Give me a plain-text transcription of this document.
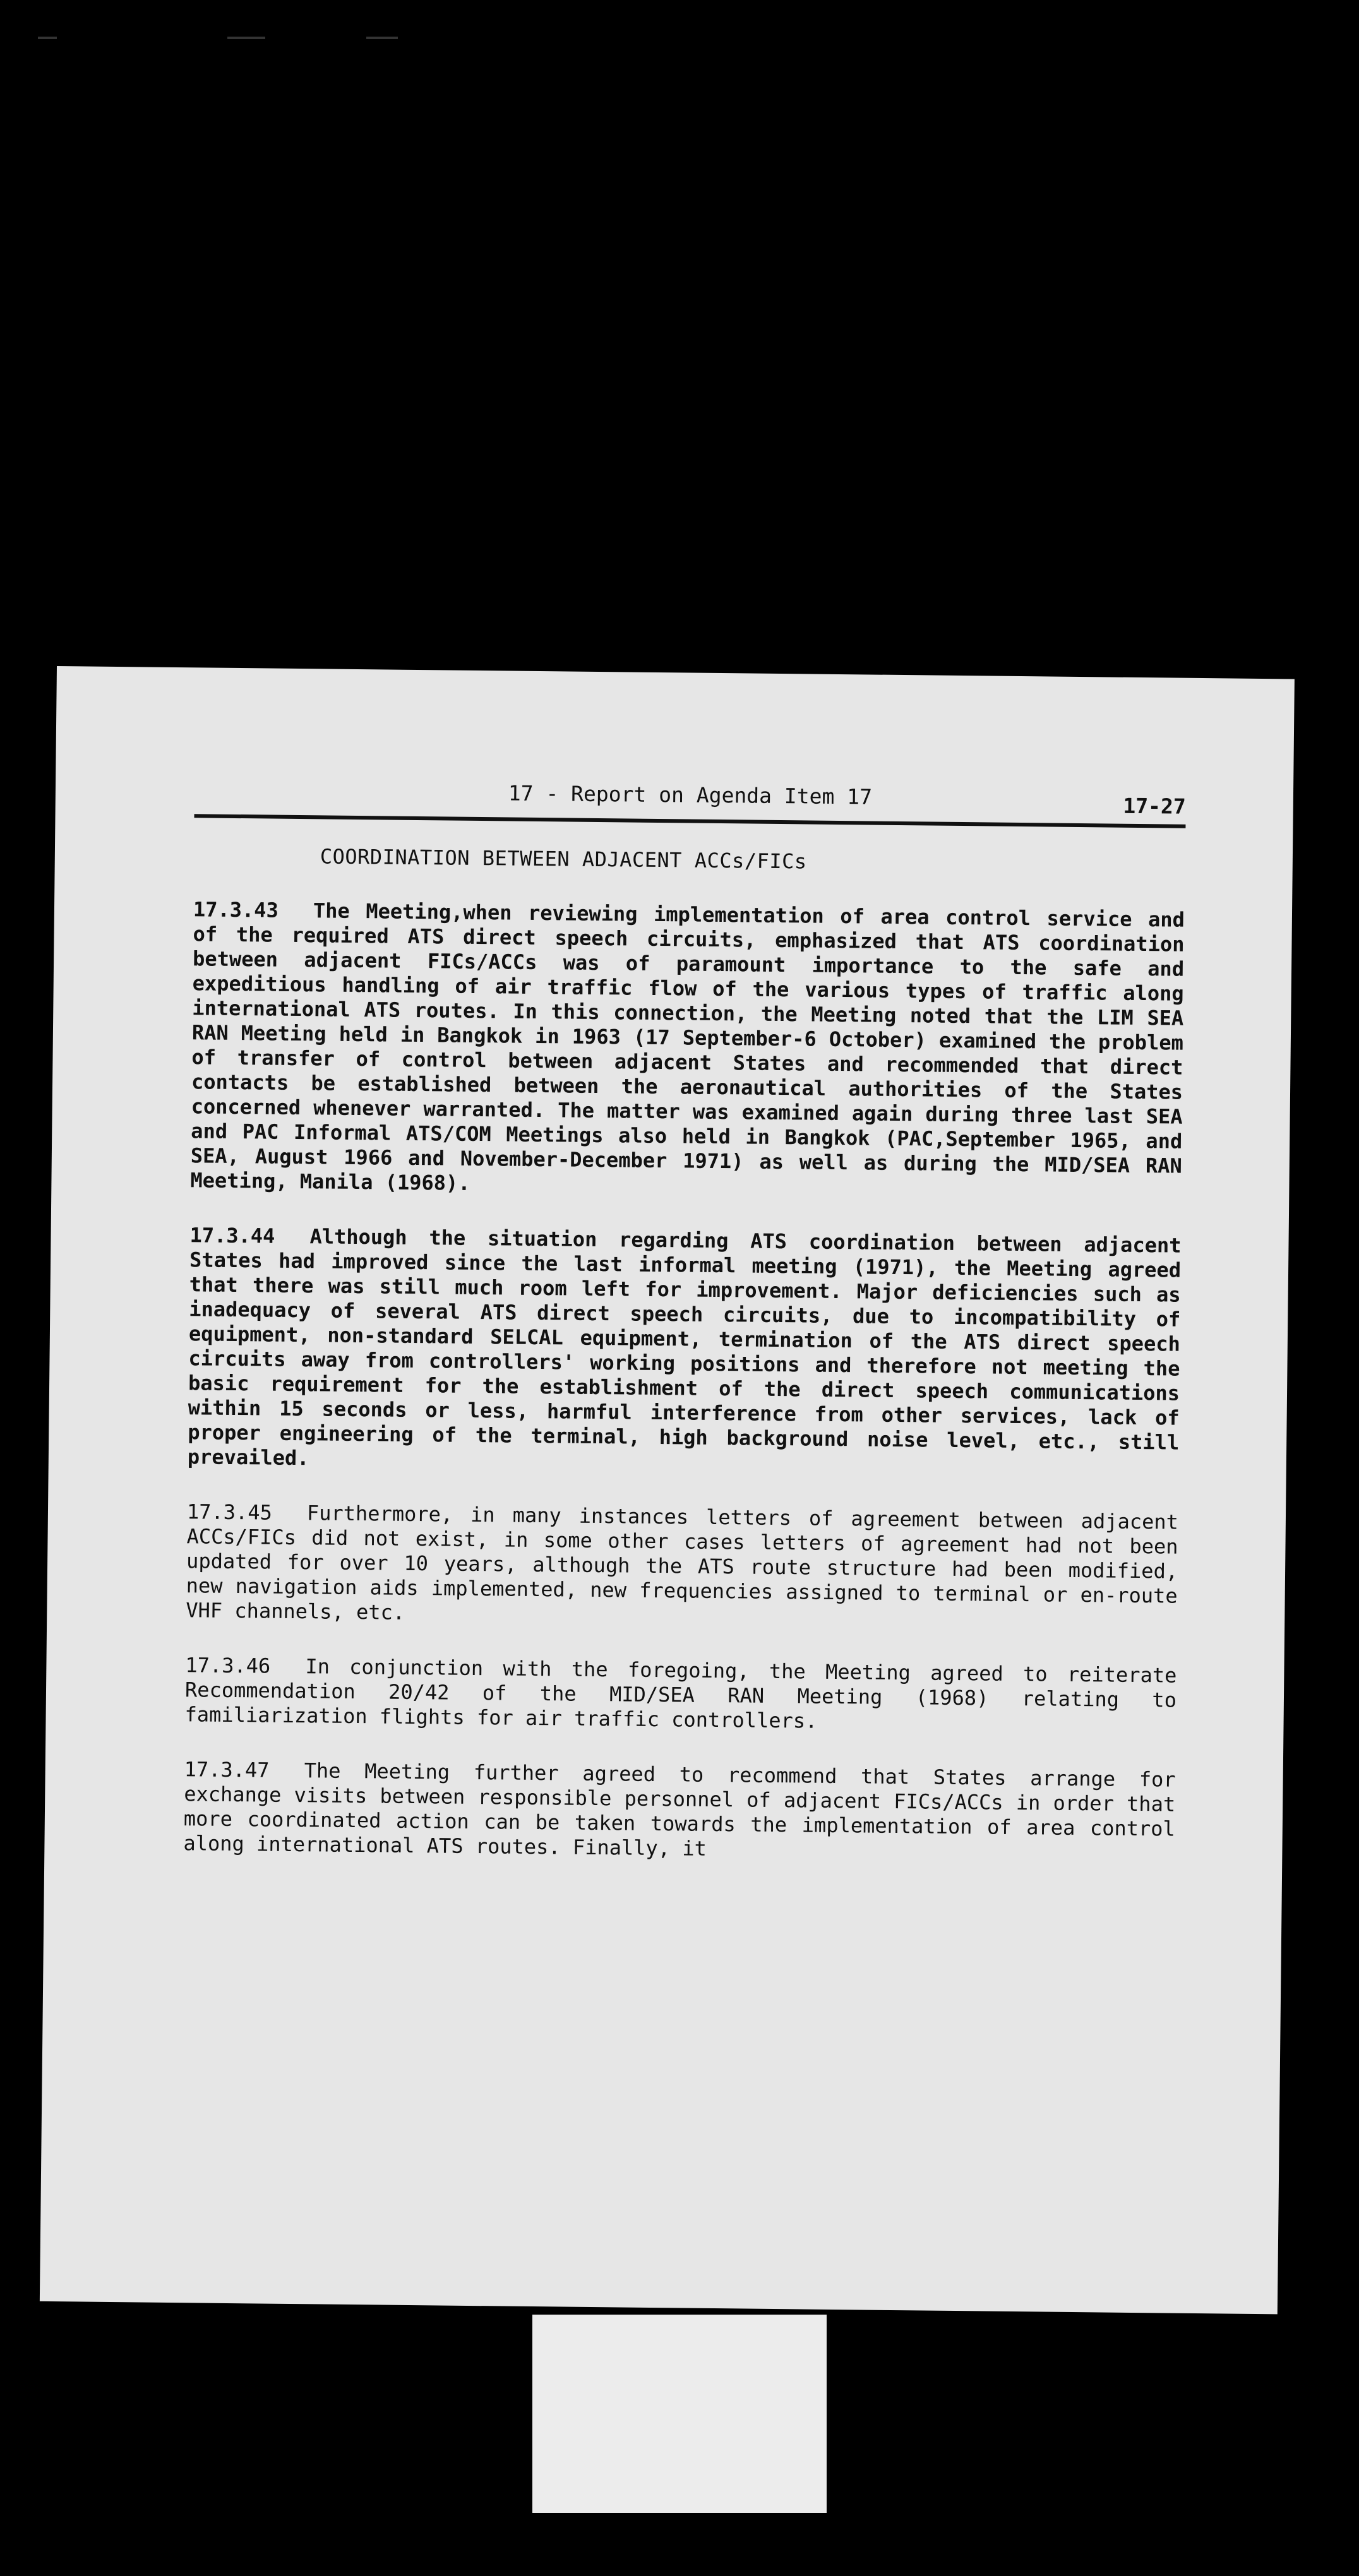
17 - Report on Agenda Item 17	17-27
COORDINATION BETWEEN ADJACENT ACCs/FICs
17.3.43 The Meeting,when reviewing implementation of area control service and of the required ATS direct speech circuits, emphasized that ATS coordination between adjacent FICs/ACCs was of paramount importance to the safe and expeditious handling of air traffic flow of the various types of traffic along international ATS routes. In this connection, the Meeting noted that the LIM SEA RAN Meeting held in Bangkok in 1963 (17 September-6 October) examined the problem of transfer of control between adjacent States and recommended that direct contacts be established between the aeronautical authorities of the States concerned whenever warranted. The matter was examined again during three last SEA and PAC Informal ATS/COM Meetings also held in Bangkok (PAC,September 1965, and SEA, August 1966 and November-December 1971) as well as during the MID/SEA RAN Meeting, Manila (1968).
17.3.44 Although the situation regarding ATS coordination between adjacent States had improved since the last informal meeting (1971), the Meeting agreed that there was still much room left for improvement. Major deficiencies such as inadequacy of several ATS direct speech circuits, due to incompatibility of equipment, non-standard SELCAL equipment, termination of the ATS direct speech circuits away from controllers' working positions and therefore not meeting the basic requirement for the establishment of the direct speech communications within 15 seconds or less, harmful interference from other services, lack of proper engineering of the terminal, high background noise level, etc., still prevailed.
17.3.45 Furthermore, in many instances letters of agreement between adjacent ACCs/FICs did not exist, in some other cases letters of agreement had not been updated for over 10 years, although the ATS route structure had been modified, new navigation aids implemented, new frequencies assigned to terminal or en-route VHF channels, etc.
17.3.46 In conjunction with the foregoing, the Meeting agreed to reiterate Recommendation 20/42 of the MID/SEA RAN Meeting (1968) relating to familiarization flights for air traffic controllers.
17.3.47 The Meeting further agreed to recommend that States arrange for exchange visits between responsible personnel of adjacent FICs/ACCs in order that more coordinated action can be taken towards the implementation of area control along international ATS routes. Finally, it
